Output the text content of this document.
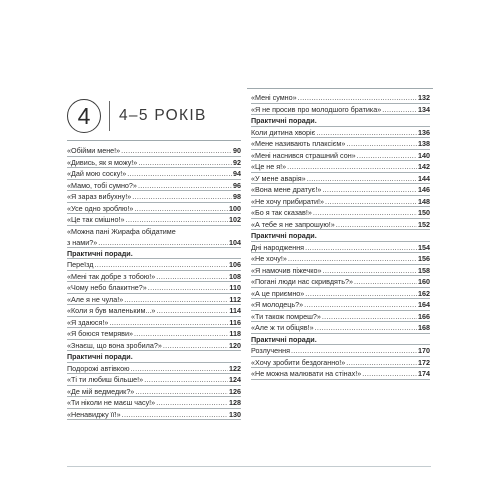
4 4–5 РОКІВ
«Обійми мене!» .....	90
«Дивись, як я можу!» .....	92
«Дай мою соску!» .....	94
«Мамо, тобі сумно?» .....	96
«Я зараз вибухну!» .....	98
«Усе одно зроблю!» .....	100
«Це так смішно!» .....	102
«Можна пані Жирафа обідатиме
з нами?» .....	104
Практичні поради.
Переїзд .....	106
«Мені так добре з тобою!» .....	108
«Чому небо блакитне?» .....	110
«Але я не чула!» .....	112
«Коли я був маленьким...» .....	114
«Я здаюся!» .....	116
«Я боюся темряви» .....	118
«Знаєш, що вона зробила?» .....	120
Практичні поради.
Подорожі автівкою .....	122
«Ті ти любиш більше!» .....	124
«Де мій ведмедик?» .....	126
«Ти ніколи не маєш часу!» .....	128
«Ненавиджу її!» .....	130
«Мені сумно» .....	132
«Я не просив про молодшого братика» .....	134
Практичні поради.
Коли дитина хворіє .....	136
«Мене називають плаксієм» .....	138
«Мені наснився страшний сон» .....	140
«Це не я!» .....	142
«У мене аварія» .....	144
«Вона мене дратує!» .....	146
«Не хочу прибирати!» .....	148
«Бо я так сказав!» .....	150
«А тебе я не запрошую!» .....	152
Практичні поради.
Дні народження .....	154
«Не хочу!» .....	156
«Я намочив піжечко» .....	158
«Погані люди нас скривдять?» .....	160
«А це приємно» .....	162
«Я молодець?» .....	164
«Ти також помреш?» .....	166
«Але ж ти обіцяв!» .....	168
Практичні поради.
Розлучення .....	170
«Хочу зробити бездоганно!» .....	172
«Не можна малювати на стінах!» .....	174
